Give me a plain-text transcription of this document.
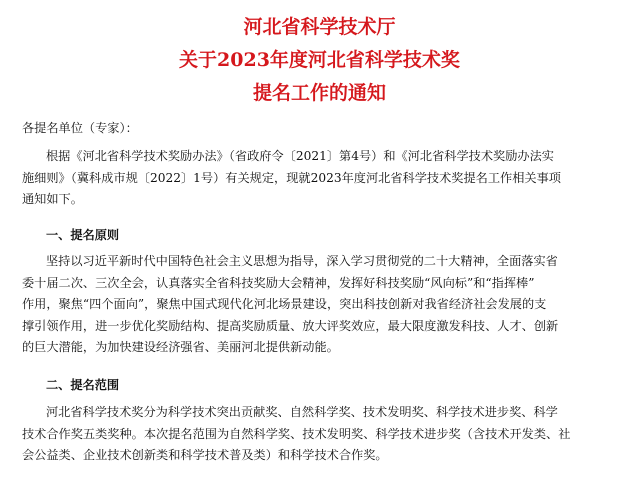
河北省科学技术厅
关于2023年度河北省科学技术奖
提名工作的通知
各提名单位（专家）：
根据《河北省科学技术奖励办法》（省政府令〔2021〕第4号）和《河北省科学技术奖励办法实
施细则》（冀科成市规〔2022〕1号）有关规定，现就2023年度河北省科学技术奖提名工作相关事项
通知如下。
一、提名原则
坚持以习近平新时代中国特色社会主义思想为指导，深入学习贯彻党的二十大精神，全面落实省
委十届二次、三次全会，认真落实全省科技奖励大会精神，发挥好科技奖励“风向标”和“指挥棒”
作用，聚焦“四个面向”，聚焦中国式现代化河北场景建设，突出科技创新对我省经济社会发展的支
撑引领作用，进一步优化奖励结构、提高奖励质量、放大评奖效应，最大限度激发科技、人才、创新
的巨大潜能，为加快建设经济强省、美丽河北提供新动能。
二、提名范围
河北省科学技术奖分为科学技术突出贡献奖、自然科学奖、技术发明奖、科学技术进步奖、科学
技术合作奖五类奖种。本次提名范围为自然科学奖、技术发明奖、科学技术进步奖（含技术开发类、社
会公益类、企业技术创新类和科学技术普及类）和科学技术合作奖。
